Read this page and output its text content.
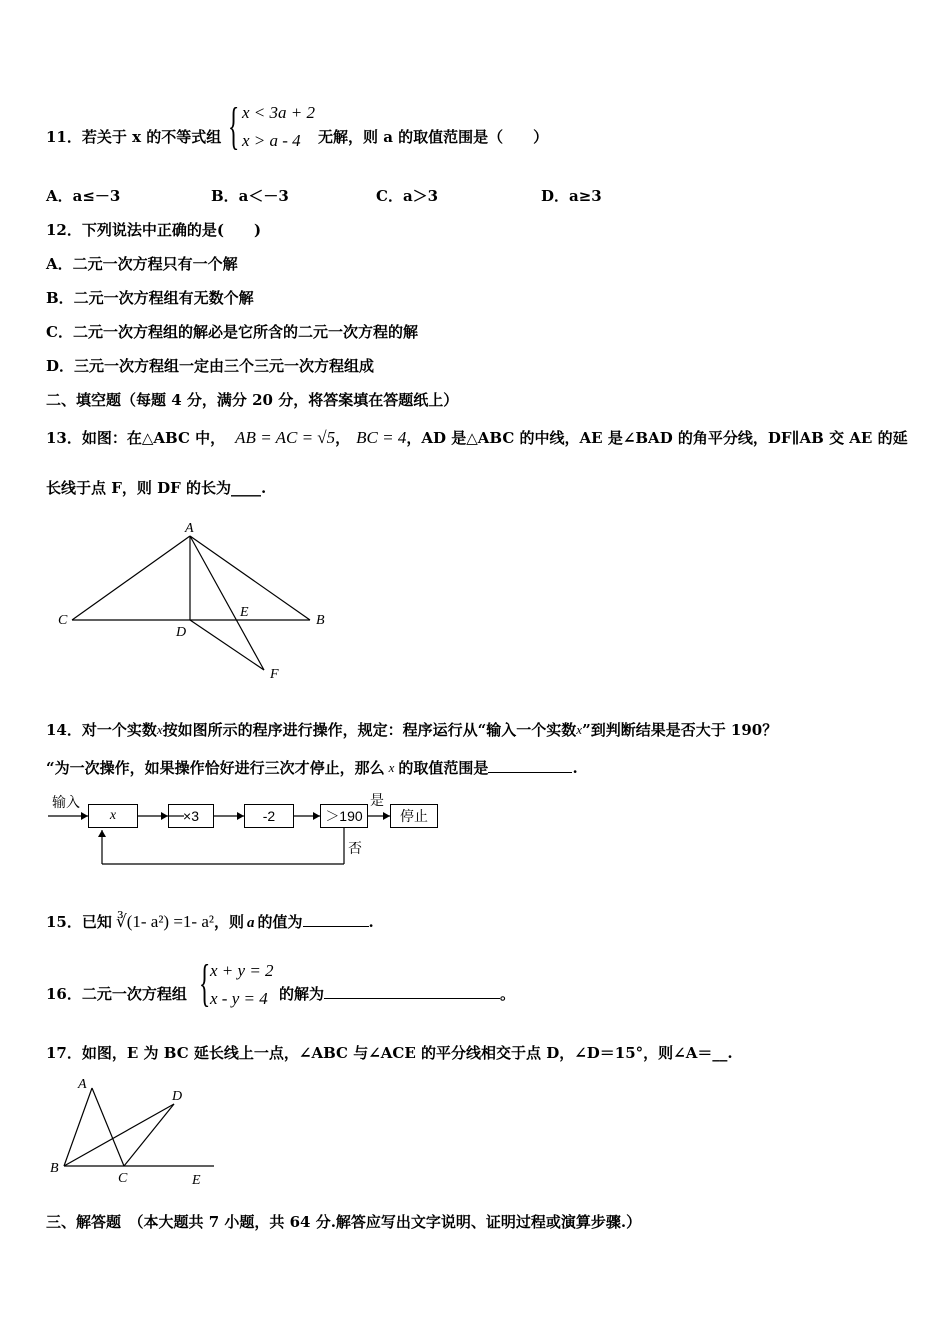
{ x < 3a + 2
x > a - 4
11．若关于 x 的不等式组	无解，则 a 的取值范围是（　　）
A．a≤－3	B．a＜－3	C．a＞3	D．a≥3
12．下列说法中正确的是(　　)
A．二元一次方程只有一个解
B．二元一次方程组有无数个解
C．二元一次方程组的解必是它所含的二元一次方程的解
D．三元一次方程组一定由三个三元一次方程组成
二、填空题（每题 4 分，满分 20 分，将答案填在答题纸上）
13．如图：在△ABC 中， AB = AC = √5， BC = 4，AD 是△ABC 的中线，AE 是∠BAD 的角平分线，DF∥AB 交 AE 的延
长线于点 F，则 DF 的长为____.
A
C	B
D
E
F
14．对一个实数x按如图所示的程序进行操作，规定：程序运行从“输入一个实数x”到判断结果是否大于 190？
“为一次操作，如果操作恰好进行三次才停止，那么 x 的取值范围是	.
输入
x	×3	-2	＞190
是
停止
否
15．已知 ∛(1- a²) =1- a²，则 a 的值为	.
{ x + y = 2
x - y = 4
16．二元一次方程组	的解为	。
17．如图，E 为 BC 延长线上一点，∠ABC 与∠ACE 的平分线相交于点 D，∠D＝15°，则∠A＝__.
A
B
C
D
E
三、解答题　（本大题共 7 小题，共 64 分.解答应写出文字说明、证明过程或演算步骤.）
